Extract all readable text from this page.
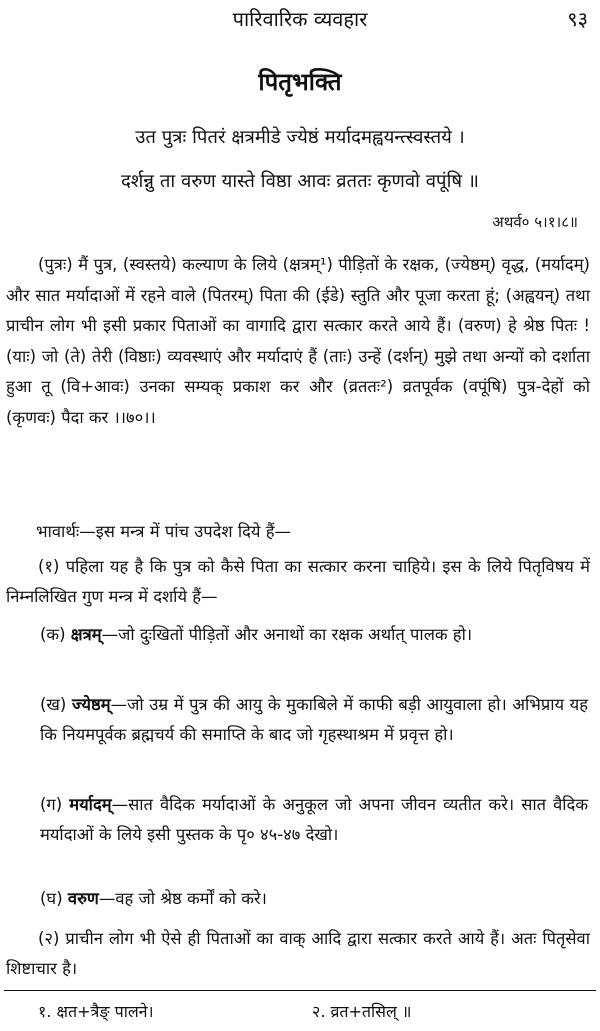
पारिवारिक व्यवहार	९३
पितृभक्ति
उत पुत्रः पितरं क्षत्रमीडे ज्येष्ठं मर्यादमह्वयन्त्स्वस्तये ।
दर्शन्नु ता वरुण यास्ते विष्ठा आवः व्रततः कृणवो वपूंषि ॥
अथर्व० ५।१।८॥
(पुत्रः) मैं पुत्र, (स्वस्तये) कल्याण के लिये (क्षत्रम्¹) पीड़ितों के रक्षक, (ज्येष्ठम्) वृद्ध, (मर्यादम्) और सात मर्यादाओं में रहने वाले (पितरम्) पिता की (ईडे) स्तुति और पूजा करता हूं; (अह्वयन्) तथा प्राचीन लोग भी इसी प्रकार पिताओं का वागादि द्वारा सत्कार करते आये हैं। (वरुण) हे श्रेष्ठ पितः ! (याः) जो (ते) तेरी (विष्ठाः) व्यवस्थाएं और मर्यादाएं हैं (ताः) उन्हें (दर्शन्) मुझे तथा अन्यों को दर्शाता हुआ तू (वि+आवः) उनका सम्यक् प्रकाश कर और (व्रततः²) व्रतपूर्वक (वपूंषि) पुत्र-देहों को (कृणवः) पैदा कर ।।७०।।
भावार्थः—इस मन्त्र में पांच उपदेश दिये हैं—
(१) पहिला यह है कि पुत्र को कैसे पिता का सत्कार करना चाहिये। इस के लिये पितृविषय में निम्नलिखित गुण मन्त्र में दर्शाये हैं—
(क) क्षत्रम्—जो दुःखितों पीड़ितों और अनाथों का रक्षक अर्थात् पालक हो।
(ख) ज्येष्ठम्—जो उम्र में पुत्र की आयु के मुकाबिले में काफी बड़ी आयुवाला हो। अभिप्राय यह कि नियमपूर्वक ब्रह्मचर्य की समाप्ति के बाद जो गृहस्थाश्रम में प्रवृत्त हो।
(ग) मर्यादम्—सात वैदिक मर्यादाओं के अनुकूल जो अपना जीवन व्यतीत करे। सात वैदिक मर्यादाओं के लिये इसी पुस्तक के पृ० ४५-४७ देखो।
(घ) वरुण—वह जो श्रेष्ठ कर्मों को करे।
(२) प्राचीन लोग भी ऐसे ही पिताओं का वाक् आदि द्वारा सत्कार करते आये हैं। अतः पितृसेवा शिष्टाचार है।
१. क्षत+त्रैङ् पालने।	२. व्रत+तसिल् ॥
